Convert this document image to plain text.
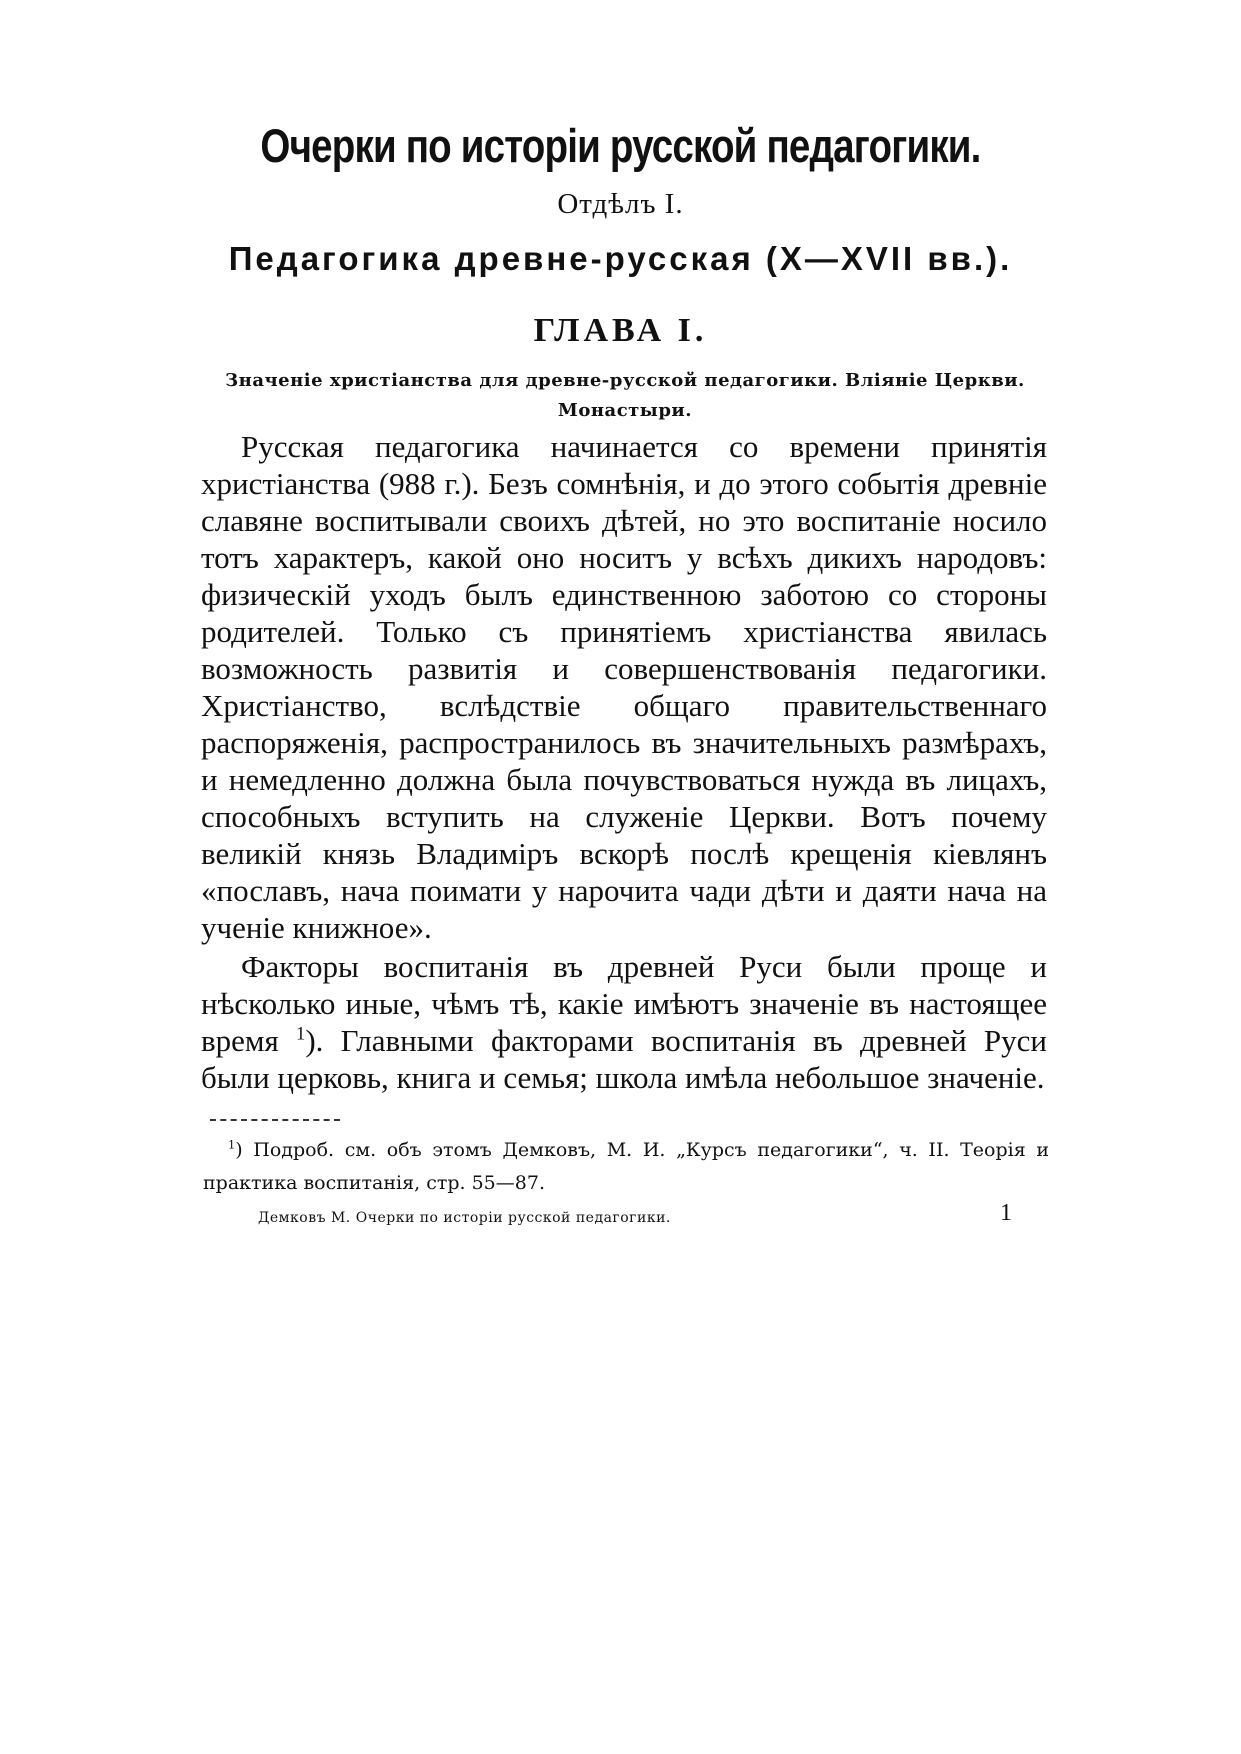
Очерки по исторіи русской педагогики.
Отдѣлъ I.
Педагогика древне-русская (X—XVII вв.).
ГЛАВА I.
Значеніе христіанства для древне-русской педагогики. Вліяніе Церкви. Монастыри.

Русская педагогика начинается со времени принятія христіанства (988 г.). Безъ сомнѣнія, и до этого событія древніе славяне воспитывали своихъ дѣтей, но это воспитаніе носило тотъ характеръ, какой оно носитъ у всѣхъ дикихъ народовъ: физическій уходъ былъ единственною заботою со стороны родителей. Только съ принятіемъ христіанства явилась возможность развитія и совершенствованія педагогики. Христіанство, вслѣдствіе общаго правительственнаго распоряженія, распространилось въ значительныхъ размѣрахъ, и немедленно должна была почувствоваться нужда въ лицахъ, способныхъ вступить на служеніе Церкви. Вотъ почему великій князь Владиміръ вскорѣ послѣ крещенія кіевлянъ «пославъ, нача поимати у нарочита чади дѣти и даяти нача на ученіе книжное».

Факторы воспитанія въ древней Руси были проще и нѣсколько иные, чѣмъ тѣ, какіе имѣютъ значеніе въ настоящее время $^1$). Главными факторами воспитанія въ древней Руси были церковь, книга и семья; школа имѣла небольшое значеніе.

$^1$) Подроб. см. объ этомъ Демковъ, М. И. „Курсъ педагогики“, ч. II. Теорія и практика воспитанія, стр. 55—87.
Демковъ М. Очерки по исторіи русской педагогики.	1
